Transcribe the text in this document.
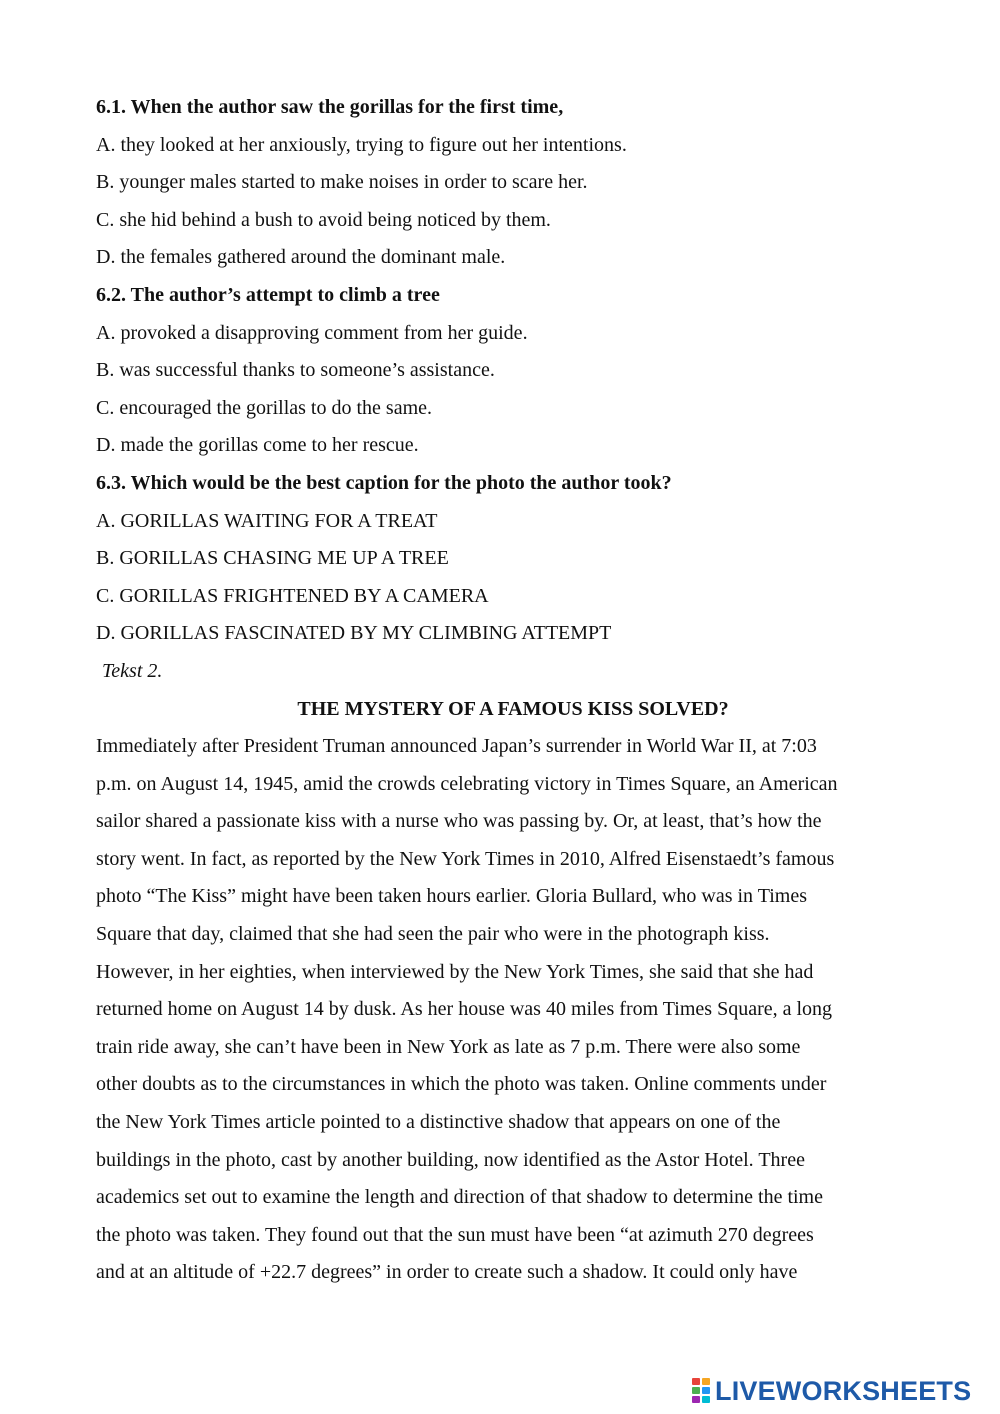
6.1. When the author saw the gorillas for the first time,
A. they looked at her anxiously, trying to figure out her intentions.
B. younger males started to make noises in order to scare her.
C. she hid behind a bush to avoid being noticed by them.
D. the females gathered around the dominant male.
6.2. The author’s attempt to climb a tree
A. provoked a disapproving comment from her guide.
B. was successful thanks to someone’s assistance.
C. encouraged the gorillas to do the same.
D. made the gorillas come to her rescue.
6.3. Which would be the best caption for the photo the author took?
A. GORILLAS WAITING FOR A TREAT
B. GORILLAS CHASING ME UP A TREE
C. GORILLAS FRIGHTENED BY A CAMERA
D. GORILLAS FASCINATED BY MY CLIMBING ATTEMPT
Tekst 2.
THE MYSTERY OF A FAMOUS KISS SOLVED?
Immediately after President Truman announced Japan’s surrender in World War II, at 7:03
p.m. on August 14, 1945, amid the crowds celebrating victory in Times Square, an American
sailor shared a passionate kiss with a nurse who was passing by. Or, at least, that’s how the
story went. In fact, as reported by the New York Times in 2010, Alfred Eisenstaedt’s famous
photo “The Kiss” might have been taken hours earlier. Gloria Bullard, who was in Times
Square that day, claimed that she had seen the pair who were in the photograph kiss.
However, in her eighties, when interviewed by the New York Times, she said that she had
returned home on August 14 by dusk. As her house was 40 miles from Times Square, a long
train ride away, she can’t have been in New York as late as 7 p.m. There were also some
other doubts as to the circumstances in which the photo was taken. Online comments under
the New York Times article pointed to a distinctive shadow that appears on one of the
buildings in the photo, cast by another building, now identified as the Astor Hotel. Three
academics set out to examine the length and direction of that shadow to determine the time
the photo was taken. They found out that the sun must have been “at azimuth 270 degrees
and at an altitude of +22.7 degrees” in order to create such a shadow. It could only have
LIVEWORKSHEETS
